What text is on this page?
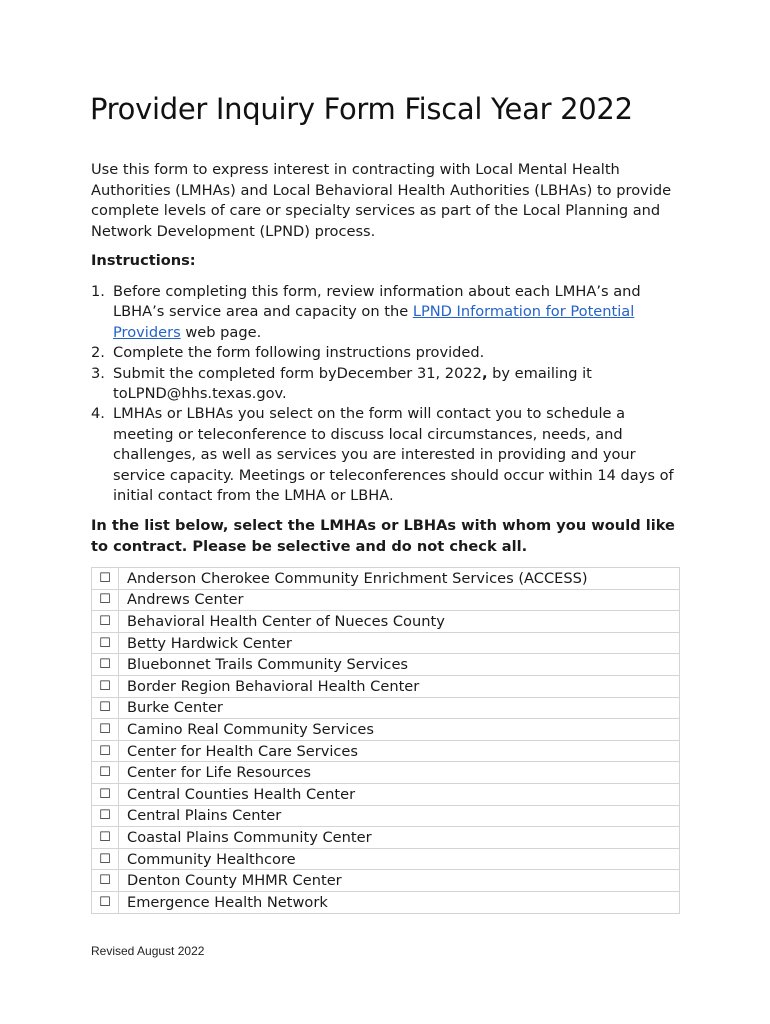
Provider Inquiry Form Fiscal Year 2022

Use this form to express interest in contracting with Local Mental Health Authorities (LMHAs) and Local Behavioral Health Authorities (LBHAs) to provide complete levels of care or specialty services as part of the Local Planning and Network Development (LPND) process.

Instructions:

1. Before completing this form, review information about each LMHA’s and LBHA’s service area and capacity on the LPND Information for Potential Providers web page.
2. Complete the form following instructions provided.
3. Submit the completed form byDecember 31, 2022, by emailing it toLPND@hhs.texas.gov.
4. LMHAs or LBHAs you select on the form will contact you to schedule a meeting or teleconference to discuss local circumstances, needs, and challenges, as well as services you are interested in providing and your service capacity. Meetings or teleconferences should occur within 14 days of initial contact from the LMHA or LBHA.

In the list below, select the LMHAs or LBHAs with whom you would like to contract. Please be selective and do not check all.

☐	Anderson Cherokee Community Enrichment Services (ACCESS)
☐	Andrews Center
☐	Behavioral Health Center of Nueces County
☐	Betty Hardwick Center
☐	Bluebonnet Trails Community Services
☐	Border Region Behavioral Health Center
☐	Burke Center
☐	Camino Real Community Services
☐	Center for Health Care Services
☐	Center for Life Resources
☐	Central Counties Health Center
☐	Central Plains Center
☐	Coastal Plains Community Center
☐	Community Healthcore
☐	Denton County MHMR Center
☐	Emergence Health Network

Revised August 2022
